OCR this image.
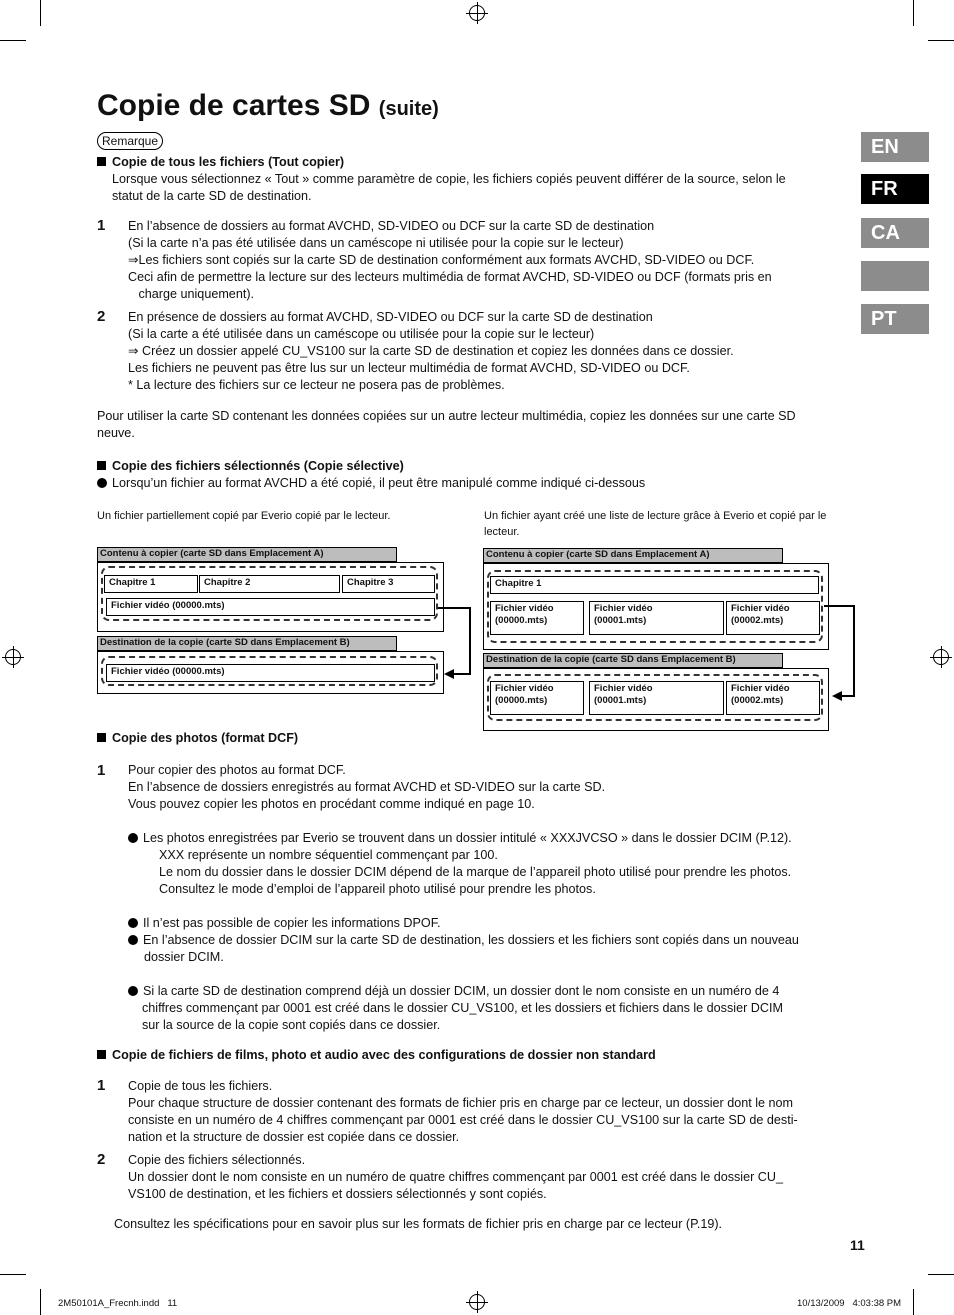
Copie de cartes SD (suite)
Remarque	EN
FR
CA
PT
Copie de tous les fichiers (Tout copier)
Lorsque vous sélectionnez « Tout » comme paramètre de copie, les fichiers copiés peuvent différer de la source, selon le
statut de la carte SD de destination.
1 En l’absence de dossiers au format AVCHD, SD-VIDEO ou DCF sur la carte SD de destination
(Si la carte n’a pas été utilisée dans un caméscope ni utilisée pour la copie sur le lecteur)
⇒Les fichiers sont copiés sur la carte SD de destination conformément aux formats AVCHD, SD-VIDEO ou DCF.
Ceci afin de permettre la lecture sur des lecteurs multimédia de format AVCHD, SD-VIDEO ou DCF (formats pris en
charge uniquement).
2 En présence de dossiers au format AVCHD, SD-VIDEO ou DCF sur la carte SD de destination
(Si la carte a été utilisée dans un caméscope ou utilisée pour la copie sur le lecteur)
⇒ Créez un dossier appelé CU_VS100 sur la carte SD de destination et copiez les données dans ce dossier.
Les fichiers ne peuvent pas être lus sur un lecteur multimédia de format AVCHD, SD-VIDEO ou DCF.
* La lecture des fichiers sur ce lecteur ne posera pas de problèmes.
Pour utiliser la carte SD contenant les données copiées sur un autre lecteur multimédia, copiez les données sur une carte SD
neuve.
Copie des fichiers sélectionnés (Copie sélective)
Lorsqu’un fichier au format AVCHD a été copié, il peut être manipulé comme indiqué ci-dessous
Un fichier partiellement copié par Everio copié par le lecteur.	Un fichier ayant créé une liste de lecture grâce à Everio et copié par le
lecteur.
Contenu à copier (carte SD dans Emplacement A)
Chapitre 1	Chapitre 2	Chapitre 3
Fichier vidéo (00000.mts)
Destination de la copie (carte SD dans Emplacement B)
Fichier vidéo (00000.mts)
Contenu à copier (carte SD dans Emplacement A)
Chapitre 1
Fichier vidéo
(00000.mts)
Fichier vidéo
(00001.mts)
Fichier vidéo
(00002.mts)
Destination de la copie (carte SD dans Emplacement B)
Fichier vidéo
(00000.mts)
Fichier vidéo
(00001.mts)
Fichier vidéo
(00002.mts)
Copie des photos (format DCF)
1 Pour copier des photos au format DCF.
En l’absence de dossiers enregistrés au format AVCHD et SD-VIDEO sur la carte SD.
Vous pouvez copier les photos en procédant comme indiqué en page 10.
Les photos enregistrées par Everio se trouvent dans un dossier intitulé « XXXJVCSO » dans le dossier DCIM (P.12).
XXX représente un nombre séquentiel commençant par 100.
Le nom du dossier dans le dossier DCIM dépend de la marque de l’appareil photo utilisé pour prendre les photos.
Consultez le mode d’emploi de l’appareil photo utilisé pour prendre les photos.
Il n’est pas possible de copier les informations DPOF.
En l’absence de dossier DCIM sur la carte SD de destination, les dossiers et les fichiers sont copiés dans un nouveau
dossier DCIM.
Si la carte SD de destination comprend déjà un dossier DCIM, un dossier dont le nom consiste en un numéro de 4
chiffres commençant par 0001 est créé dans le dossier CU_VS100, et les dossiers et fichiers dans le dossier DCIM
sur la source de la copie sont copiés dans ce dossier.
Copie de fichiers de films, photo et audio avec des configurations de dossier non standard
1 Copie de tous les fichiers.
Pour chaque structure de dossier contenant des formats de fichier pris en charge par ce lecteur, un dossier dont le nom
consiste en un numéro de 4 chiffres commençant par 0001 est créé dans le dossier CU_VS100 sur la carte SD de desti-
nation et la structure de dossier est copiée dans ce dossier.
2 Copie des fichiers sélectionnés.
Un dossier dont le nom consiste en un numéro de quatre chiffres commençant par 0001 est créé dans le dossier CU_
VS100 de destination, et les fichiers et dossiers sélectionnés y sont copiés.
Consultez les spécifications pour en savoir plus sur les formats de fichier pris en charge par ce lecteur (P.19).
11
2M50101A_Frecnh.indd   11	10/13/2009   4:03:38 PM
